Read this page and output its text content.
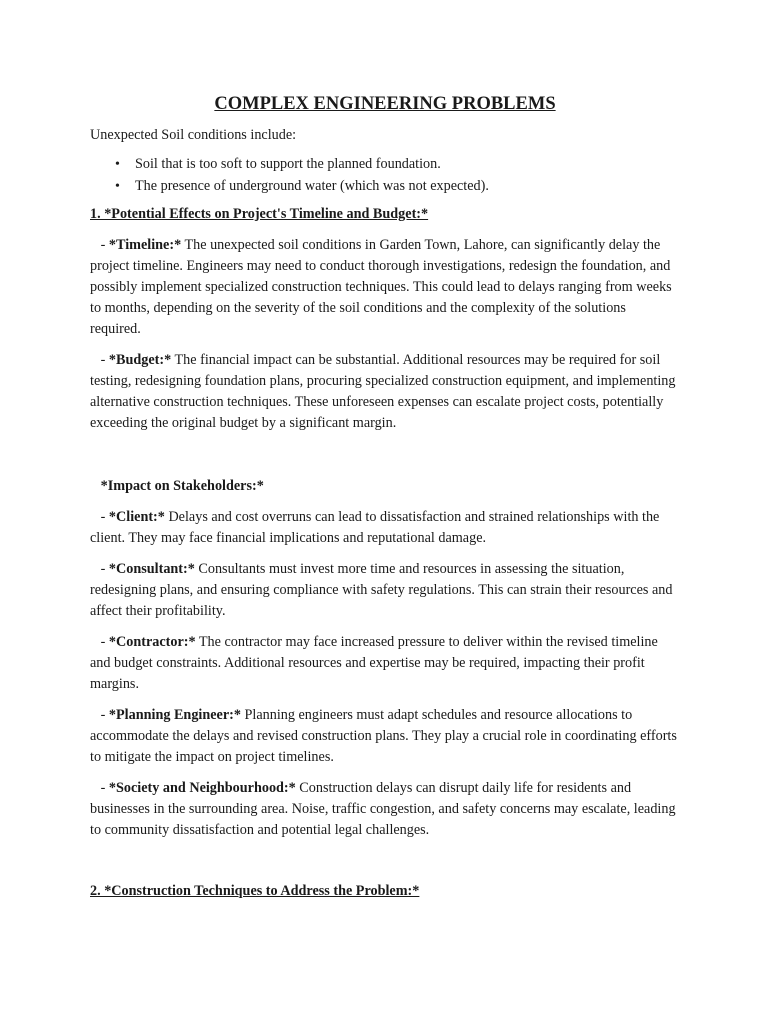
COMPLEX ENGINEERING PROBLEMS

Unexpected Soil conditions include:

• Soil that is too soft to support the planned foundation.
• The presence of underground water (which was not expected).
1. *Potential Effects on Project's Timeline and Budget:*

- *Timeline:* The unexpected soil conditions in Garden Town, Lahore, can significantly delay the project timeline. Engineers may need to conduct thorough investigations, redesign the foundation, and possibly implement specialized construction techniques. This could lead to delays ranging from weeks to months, depending on the severity of the soil conditions and the complexity of the solutions required.

- *Budget:* The financial impact can be substantial. Additional resources may be required for soil testing, redesigning foundation plans, procuring specialized construction equipment, and implementing alternative construction techniques. These unforeseen expenses can escalate project costs, potentially exceeding the original budget by a significant margin.

*Impact on Stakeholders:*

- *Client:* Delays and cost overruns can lead to dissatisfaction and strained relationships with the client. They may face financial implications and reputational damage.

- *Consultant:* Consultants must invest more time and resources in assessing the situation, redesigning plans, and ensuring compliance with safety regulations. This can strain their resources and affect their profitability.

- *Contractor:* The contractor may face increased pressure to deliver within the revised timeline and budget constraints. Additional resources and expertise may be required, impacting their profit margins.

- *Planning Engineer:* Planning engineers must adapt schedules and resource allocations to accommodate the delays and revised construction plans. They play a crucial role in coordinating efforts to mitigate the impact on project timelines.

- *Society and Neighbourhood:* Construction delays can disrupt daily life for residents and businesses in the surrounding area. Noise, traffic congestion, and safety concerns may escalate, leading to community dissatisfaction and potential legal challenges.

2. *Construction Techniques to Address the Problem:*
